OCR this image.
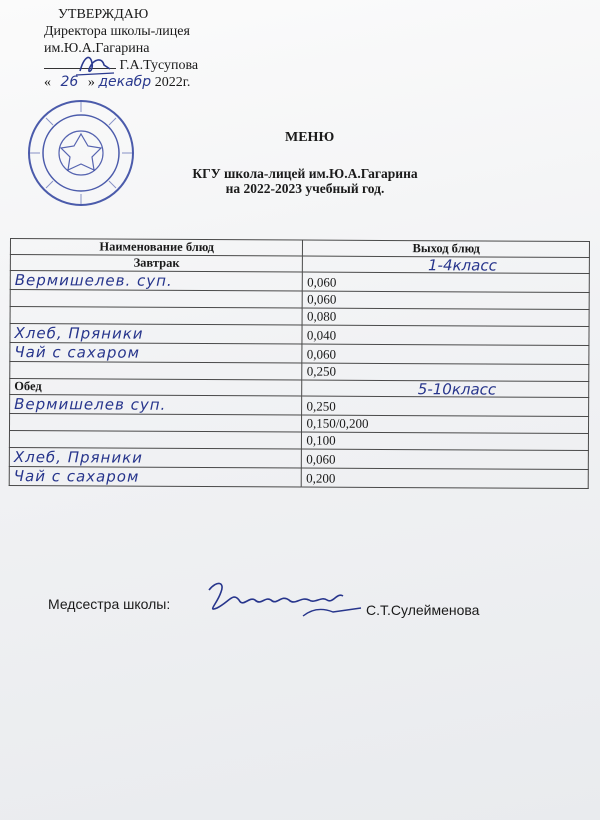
УТВЕРЖДАЮ
Директора школы-лицея
им.Ю.А.Гагарина
Г.А.Тусупова
« 26 » декабр 2022г.
МЕНЮ
КГУ школа-лицей им.Ю.А.Гагарина
на 2022-2023 учебный год.
Наименование блюд	Выход блюд
Завтрак	1-4класс

Вермишелев. суп.	0,060
	0,060
	0,080
Хлеб, Пряники	0,040
Чай с сахаром	0,060
	0,250
Обед	5-10класс

Вермишелев суп.	0,250
	0,150/0,200
	0,100
Хлеб, Пряники	0,060
Чай с сахаром	0,200
Медсестра школы:	С.Т.Сулейменова
